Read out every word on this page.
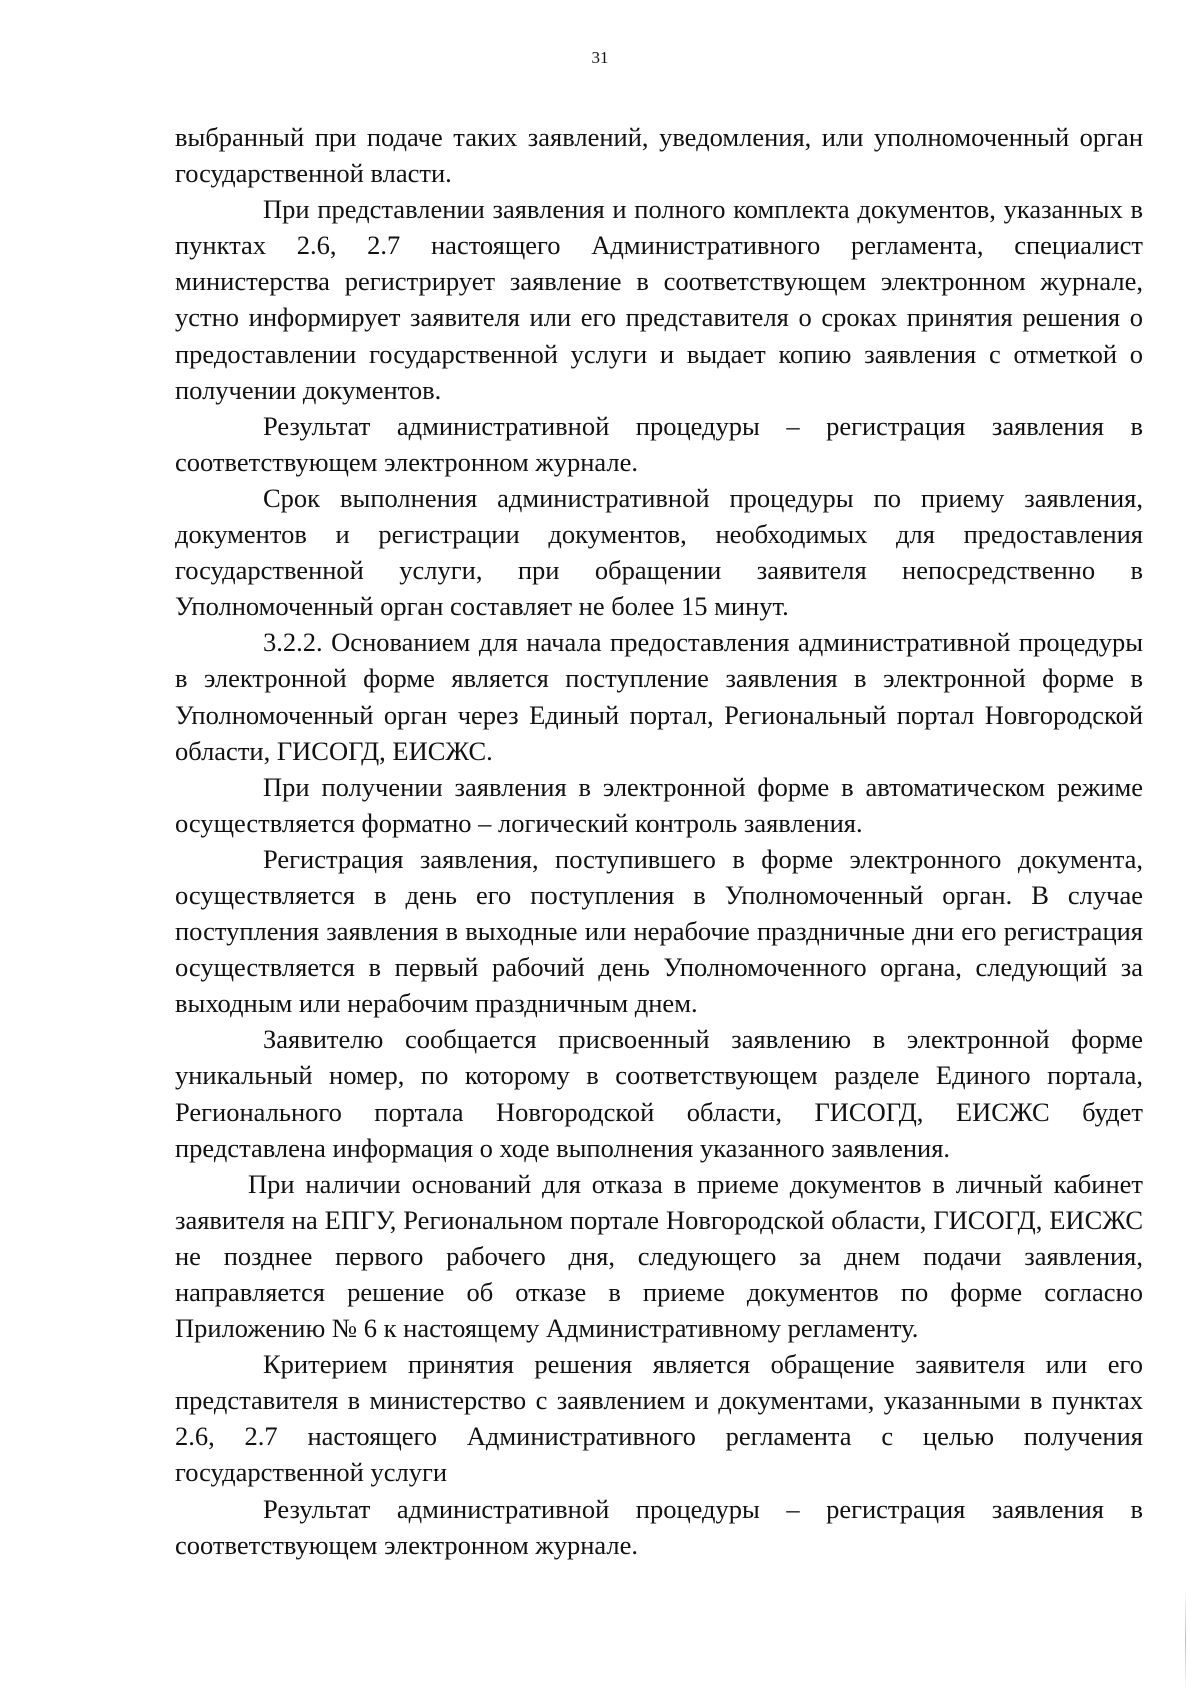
31

выбранный при подаче таких заявлений, уведомления, или уполномоченный орган государственной власти.

При представлении заявления и полного комплекта документов, указанных в пунктах 2.6, 2.7 настоящего Административного регламента, специалист министерства регистрирует заявление в соответствующем электронном журнале, устно информирует заявителя или его представителя о сроках принятия решения о предоставлении государственной услуги и выдает копию заявления с отметкой о получении документов.

Результат административной процедуры – регистрация заявления в соответствующем электронном журнале.

Срок выполнения административной процедуры по приему заявления, документов и регистрации документов, необходимых для предоставления государственной услуги, при обращении заявителя непосредственно в Уполномоченный орган составляет не более 15 минут.

3.2.2. Основанием для начала предоставления административной процедуры в электронной форме является поступление заявления в электронной форме в Уполномоченный орган через Единый портал, Региональный портал Новгородской области, ГИСОГД, ЕИСЖС.

При получении заявления в электронной форме в автоматическом режиме осуществляется форматно – логический контроль заявления.

Регистрация заявления, поступившего в форме электронного документа, осуществляется в день его поступления в Уполномоченный орган. В случае поступления заявления в выходные или нерабочие праздничные дни его регистрация осуществляется в первый рабочий день Уполномоченного органа, следующий за выходным или нерабочим праздничным днем.

Заявителю сообщается присвоенный заявлению в электронной форме уникальный номер, по которому в соответствующем разделе Единого портала, Регионального портала Новгородской области, ГИСОГД, ЕИСЖС будет представлена информация о ходе выполнения указанного заявления.

При наличии оснований для отказа в приеме документов в личный кабинет заявителя на ЕПГУ, Региональном портале Новгородской области, ГИСОГД, ЕИСЖС не позднее первого рабочего дня, следующего за днем подачи заявления, направляется решение об отказе в приеме документов по форме согласно Приложению № 6 к настоящему Административному регламенту.

Критерием принятия решения является обращение заявителя или его представителя в министерство с заявлением и документами, указанными в пунктах 2.6, 2.7 настоящего Административного регламента с целью получения государственной услуги

Результат административной процедуры – регистрация заявления в соответствующем электронном журнале.
